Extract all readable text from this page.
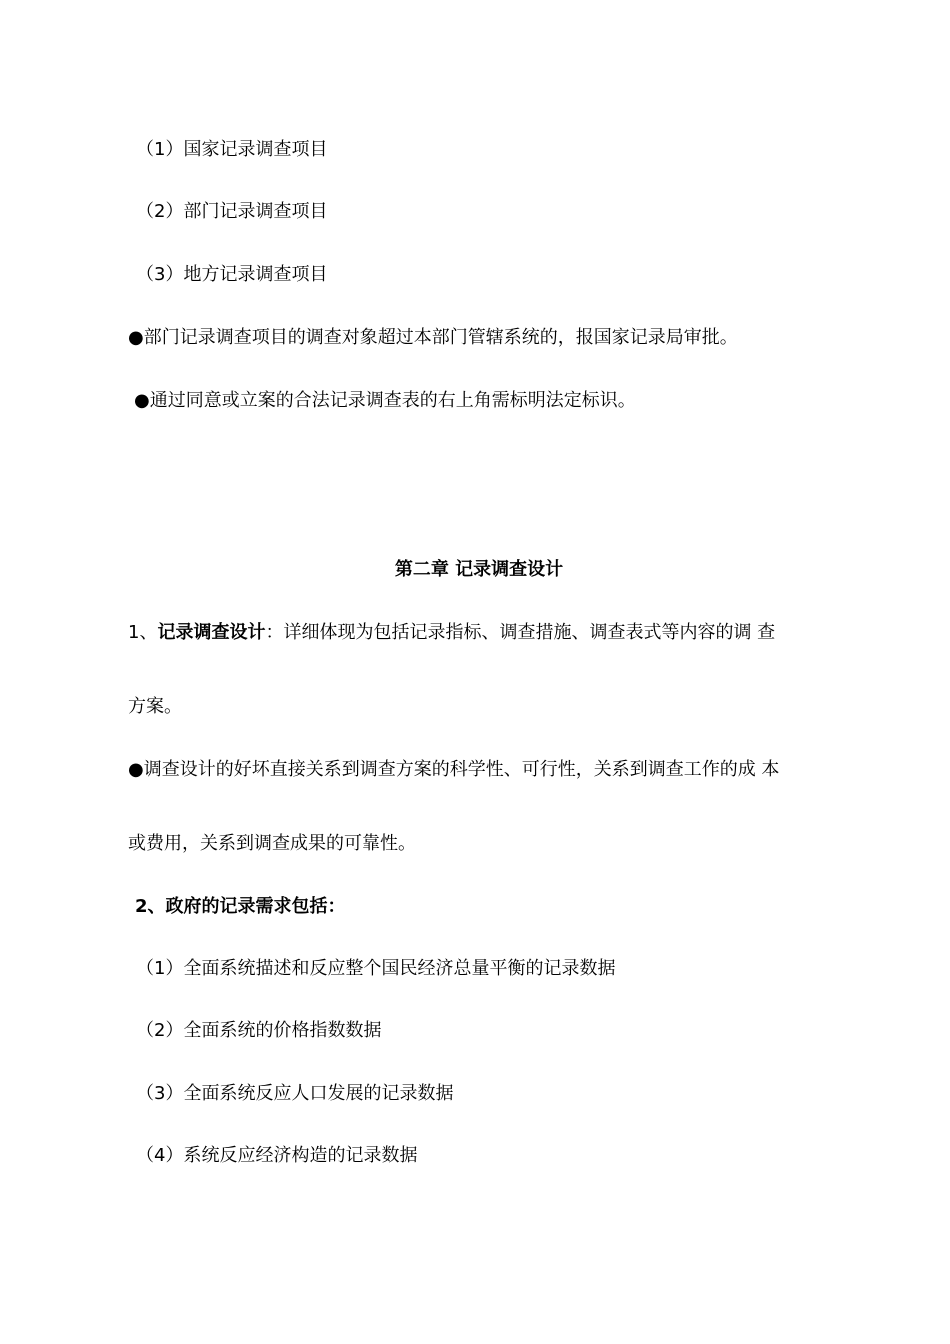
（1）国家记录调查项目
（2）部门记录调查项目
（3）地方记录调查项目
●部门记录调查项目的调查对象超过本部门管辖系统的，报国家记录局审批。
●通过同意或立案的合法记录调查表的右上角需标明法定标识。
第二章 记录调查设计
1、记录调查设计：详细体现为包括记录指标、调查措施、调查表式等内容的调 查
方案。
●调查设计的好坏直接关系到调查方案的科学性、可行性，关系到调查工作的成 本
或费用，关系到调查成果的可靠性。
2、政府的记录需求包括：
（1）全面系统描述和反应整个国民经济总量平衡的记录数据
（2）全面系统的价格指数数据
（3）全面系统反应人口发展的记录数据
（4）系统反应经济构造的记录数据
